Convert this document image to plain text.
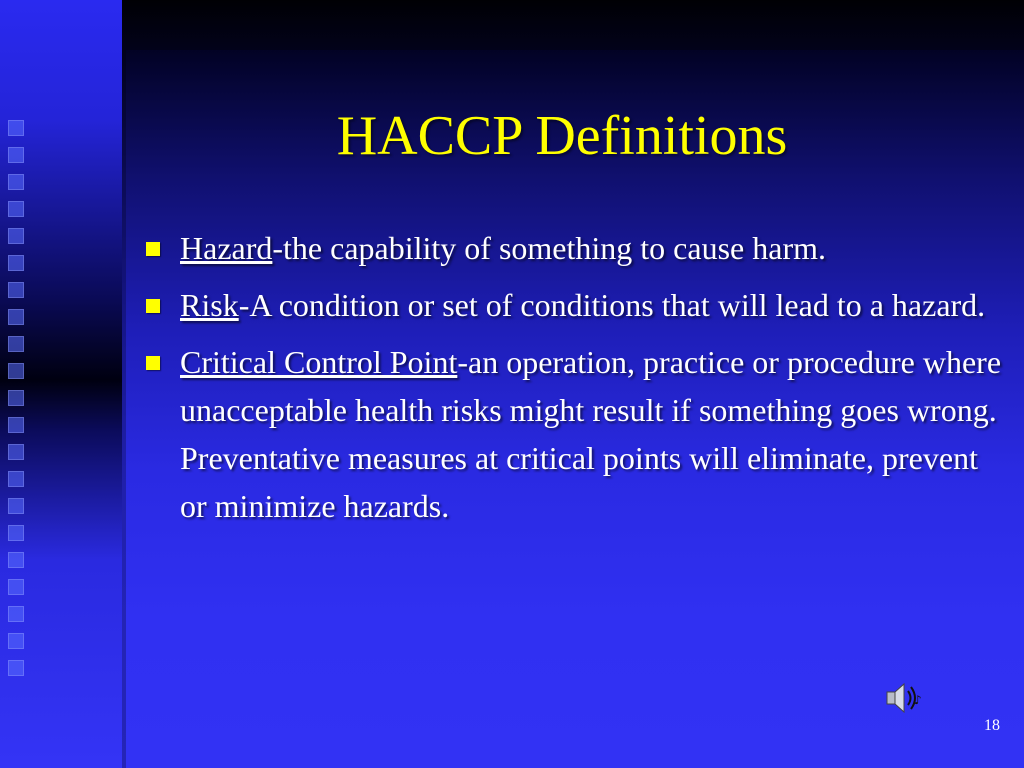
HACCP Definitions
Hazard-the capability of something to cause harm.
Risk-A condition or set of conditions that will lead to a hazard.
Critical Control Point-an operation, practice or procedure where unacceptable health risks might result if something goes wrong. Preventative measures at critical points will eliminate, prevent or minimize hazards.
♪
18
